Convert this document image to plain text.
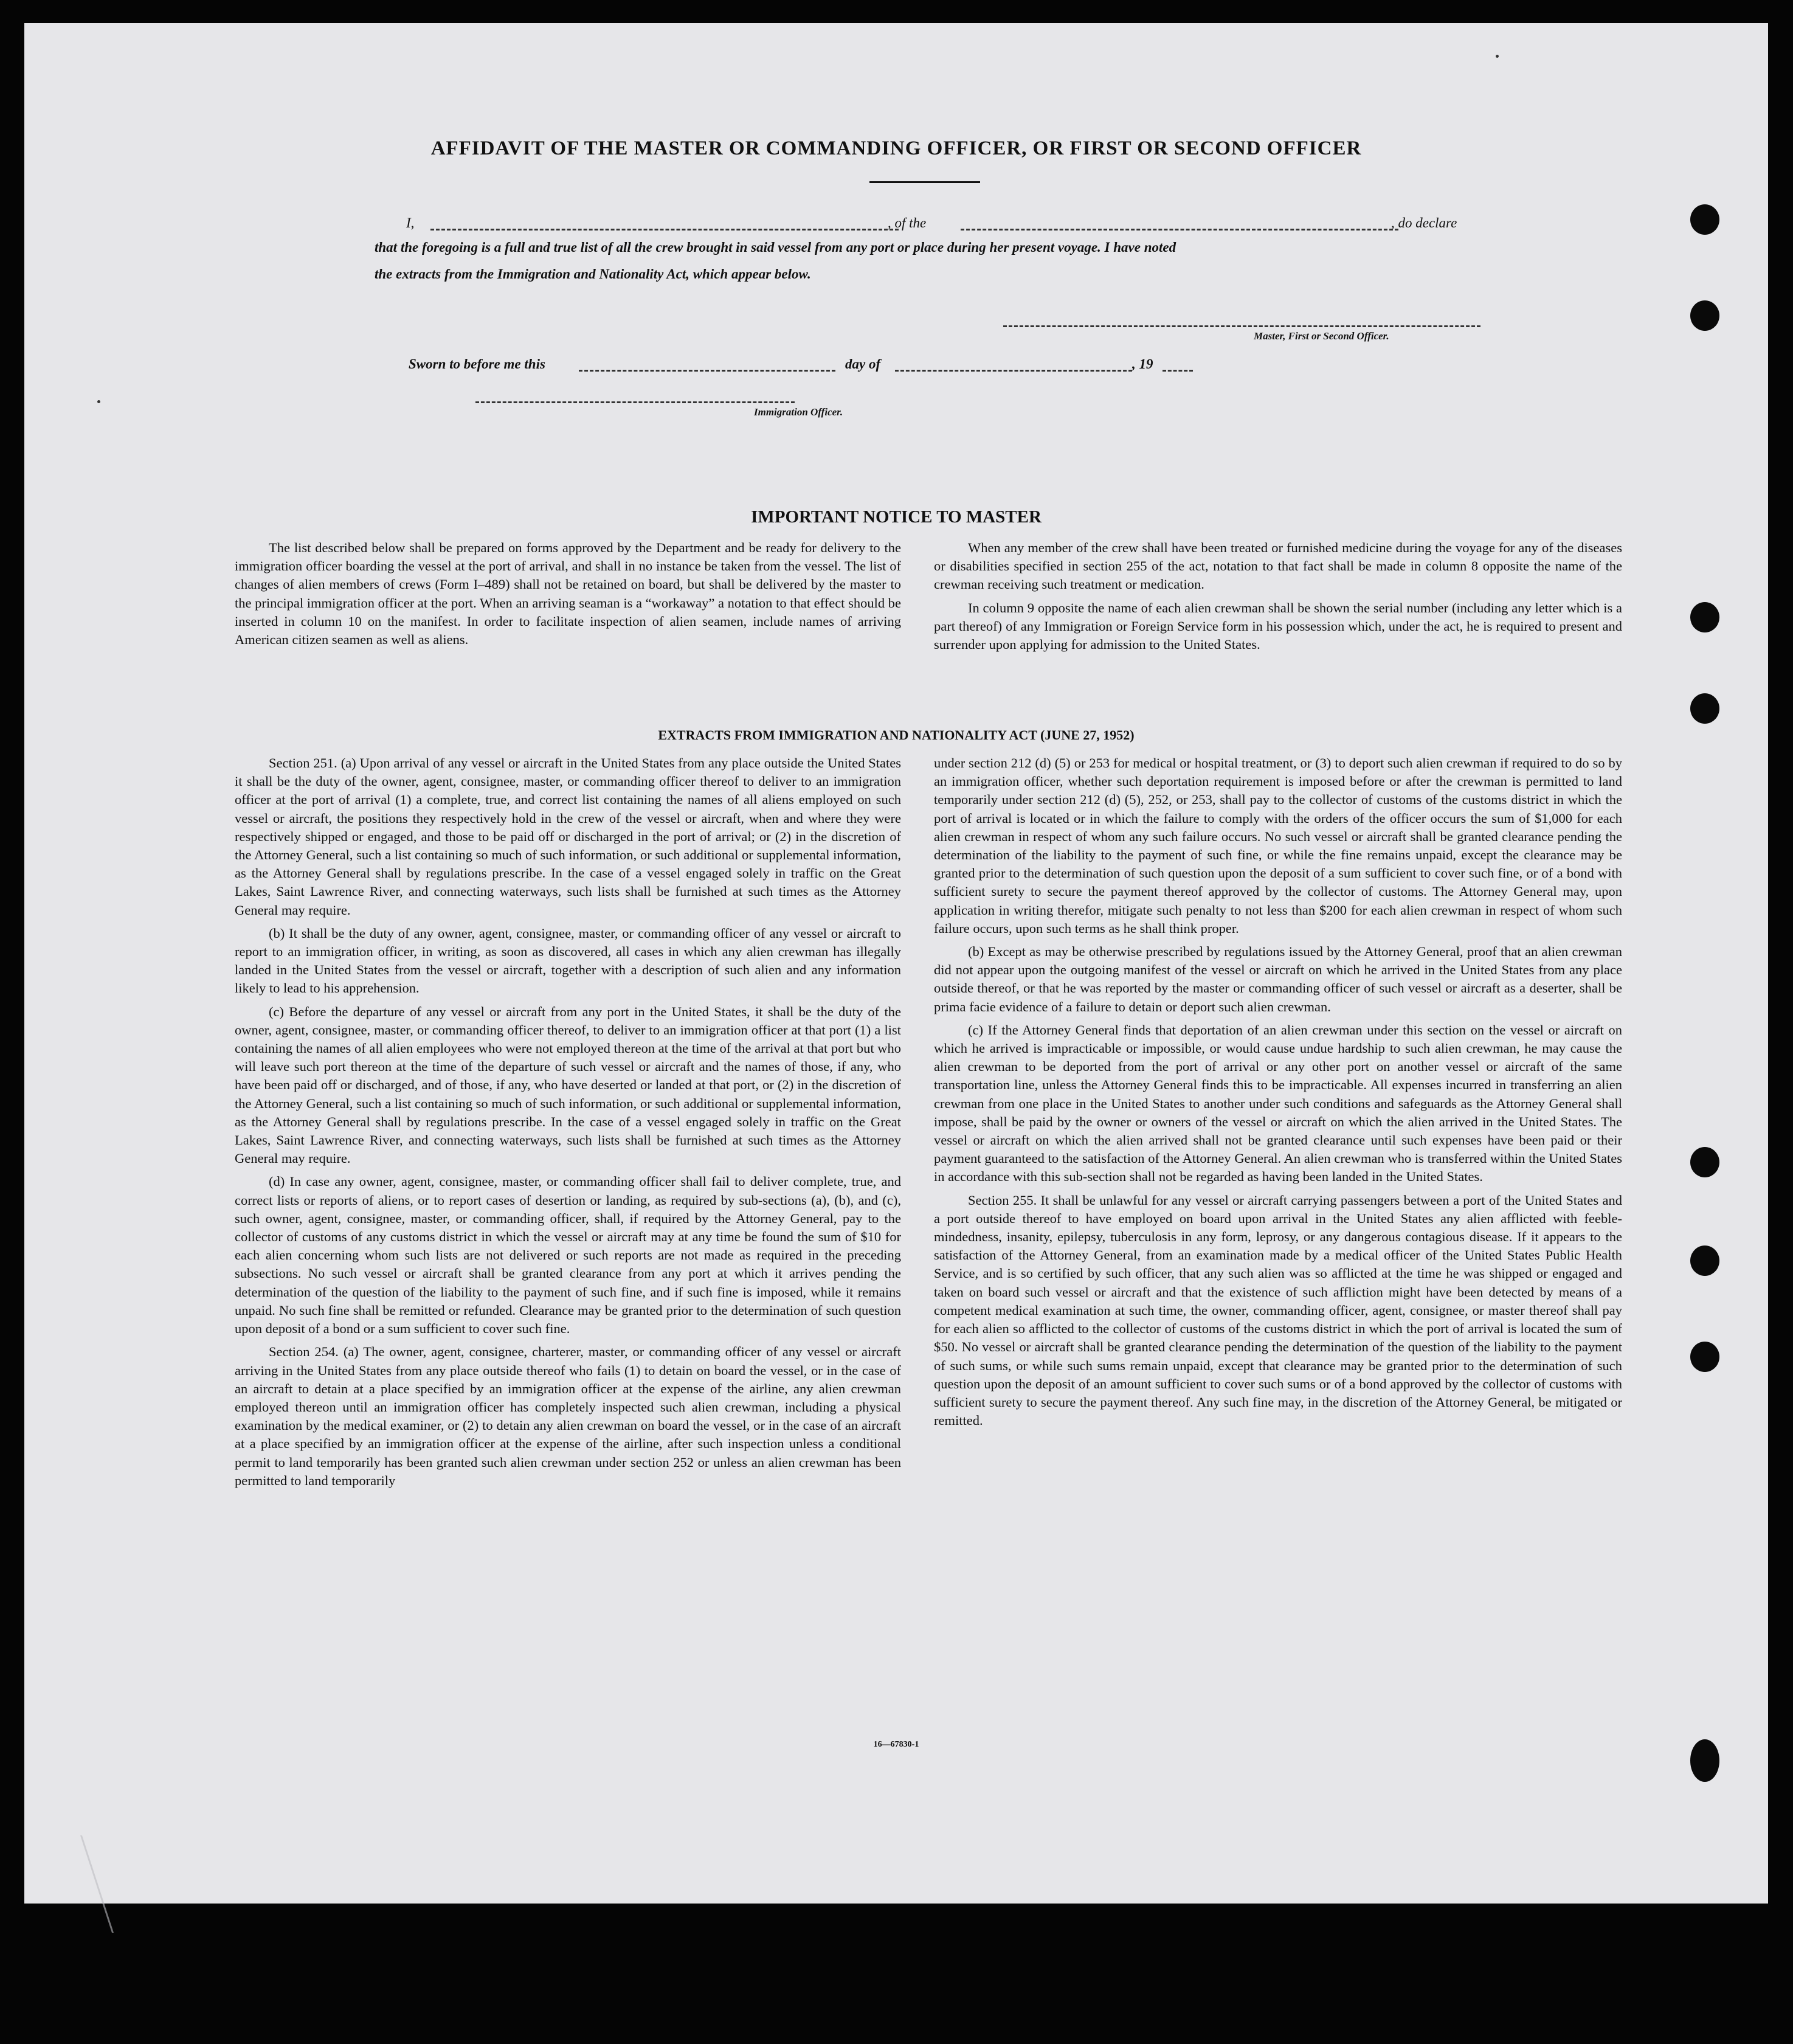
AFFIDAVIT OF THE MASTER OR COMMANDING OFFICER, OR FIRST OR SECOND OFFICER
I,	, of the	, do declare
that the foregoing is a full and true list of all the crew brought in said vessel from any port or place during her present voyage. I have noted
the extracts from the Immigration and Nationality Act, which appear below.
Master, First or Second Officer.
Sworn to before me this	day of	, 19
Immigration Officer.
IMPORTANT NOTICE TO MASTER

The list described below shall be prepared on forms approved by the Department and be ready for delivery to the immigration officer boarding the vessel at the port of arrival, and shall in no instance be taken from the vessel. The list of changes of alien members of crews (Form I–489) shall not be retained on board, but shall be delivered by the master to the principal immigration officer at the port. When an arriving seaman is a “workaway” a notation to that effect should be inserted in column 10 on the manifest. In order to facilitate inspection of alien seamen, include names of arriving American citizen seamen as well as aliens.

When any member of the crew shall have been treated or furnished medicine during the voyage for any of the diseases or disabilities specified in section 255 of the act, notation to that fact shall be made in column 8 opposite the name of the crewman receiving such treatment or medication.

In column 9 opposite the name of each alien crewman shall be shown the serial number (including any letter which is a part thereof) of any Immigration or Foreign Service form in his possession which, under the act, he is required to present and surrender upon applying for admission to the United States.

EXTRACTS FROM IMMIGRATION AND NATIONALITY ACT (JUNE 27, 1952)

Section 251. (a) Upon arrival of any vessel or aircraft in the United States from any place outside the United States it shall be the duty of the owner, agent, consignee, master, or commanding officer thereof to deliver to an immigration officer at the port of arrival (1) a complete, true, and correct list containing the names of all aliens employed on such vessel or aircraft, the positions they respectively hold in the crew of the vessel or aircraft, when and where they were respectively shipped or engaged, and those to be paid off or discharged in the port of arrival; or (2) in the discretion of the Attorney General, such a list containing so much of such information, or such additional or supplemental information, as the Attorney General shall by regulations prescribe. In the case of a vessel engaged solely in traffic on the Great Lakes, Saint Lawrence River, and connecting waterways, such lists shall be furnished at such times as the Attorney General may require.

(b) It shall be the duty of any owner, agent, consignee, master, or commanding officer of any vessel or aircraft to report to an immigration officer, in writing, as soon as discovered, all cases in which any alien crewman has illegally landed in the United States from the vessel or aircraft, together with a description of such alien and any information likely to lead to his apprehension.

(c) Before the departure of any vessel or aircraft from any port in the United States, it shall be the duty of the owner, agent, consignee, master, or commanding officer thereof, to deliver to an immigration officer at that port (1) a list containing the names of all alien employees who were not employed thereon at the time of the arrival at that port but who will leave such port thereon at the time of the departure of such vessel or aircraft and the names of those, if any, who have been paid off or discharged, and of those, if any, who have deserted or landed at that port, or (2) in the discretion of the Attorney General, such a list containing so much of such information, or such additional or supplemental information, as the Attorney General shall by regulations prescribe. In the case of a vessel engaged solely in traffic on the Great Lakes, Saint Lawrence River, and connecting waterways, such lists shall be furnished at such times as the Attorney General may require.

(d) In case any owner, agent, consignee, master, or commanding officer shall fail to deliver complete, true, and correct lists or reports of aliens, or to report cases of desertion or landing, as required by sub-sections (a), (b), and (c), such owner, agent, consignee, master, or commanding officer, shall, if required by the Attorney General, pay to the collector of customs of any customs district in which the vessel or aircraft may at any time be found the sum of $10 for each alien concerning whom such lists are not delivered or such reports are not made as required in the preceding subsections. No such vessel or aircraft shall be granted clearance from any port at which it arrives pending the determination of the question of the liability to the payment of such fine, and if such fine is imposed, while it remains unpaid. No such fine shall be remitted or refunded. Clearance may be granted prior to the determination of such question upon deposit of a bond or a sum sufficient to cover such fine.

Section 254. (a) The owner, agent, consignee, charterer, master, or commanding officer of any vessel or aircraft arriving in the United States from any place outside thereof who fails (1) to detain on board the vessel, or in the case of an aircraft to detain at a place specified by an immigration officer at the expense of the airline, any alien crewman employed thereon until an immigration officer has completely inspected such alien crewman, including a physical examination by the medical examiner, or (2) to detain any alien crewman on board the vessel, or in the case of an aircraft at a place specified by an immigration officer at the expense of the airline, after such inspection unless a conditional permit to land temporarily has been granted such alien crewman under section 252 or unless an alien crewman has been permitted to land temporarily

under section 212 (d) (5) or 253 for medical or hospital treatment, or (3) to deport such alien crewman if required to do so by an immigration officer, whether such deportation requirement is imposed before or after the crewman is permitted to land temporarily under section 212 (d) (5), 252, or 253, shall pay to the collector of customs of the customs district in which the port of arrival is located or in which the failure to comply with the orders of the officer occurs the sum of $1,000 for each alien crewman in respect of whom any such failure occurs. No such vessel or aircraft shall be granted clearance pending the determination of the liability to the payment of such fine, or while the fine remains unpaid, except the clearance may be granted prior to the determination of such question upon the deposit of a sum sufficient to cover such fine, or of a bond with sufficient surety to secure the payment thereof approved by the collector of customs. The Attorney General may, upon application in writing therefor, mitigate such penalty to not less than $200 for each alien crewman in respect of whom such failure occurs, upon such terms as he shall think proper.

(b) Except as may be otherwise prescribed by regulations issued by the Attorney General, proof that an alien crewman did not appear upon the outgoing manifest of the vessel or aircraft on which he arrived in the United States from any place outside thereof, or that he was reported by the master or commanding officer of such vessel or aircraft as a deserter, shall be prima facie evidence of a failure to detain or deport such alien crewman.

(c) If the Attorney General finds that deportation of an alien crewman under this section on the vessel or aircraft on which he arrived is impracticable or impossible, or would cause undue hardship to such alien crewman, he may cause the alien crewman to be deported from the port of arrival or any other port on another vessel or aircraft of the same transportation line, unless the Attorney General finds this to be impracticable. All expenses incurred in transferring an alien crewman from one place in the United States to another under such conditions and safeguards as the Attorney General shall impose, shall be paid by the owner or owners of the vessel or aircraft on which the alien arrived in the United States. The vessel or aircraft on which the alien arrived shall not be granted clearance until such expenses have been paid or their payment guaranteed to the satisfaction of the Attorney General. An alien crewman who is transferred within the United States in accordance with this sub-section shall not be regarded as having been landed in the United States.

Section 255. It shall be unlawful for any vessel or aircraft carrying passengers between a port of the United States and a port outside thereof to have employed on board upon arrival in the United States any alien afflicted with feeble-mindedness, insanity, epilepsy, tuberculosis in any form, leprosy, or any dangerous contagious disease. If it appears to the satisfaction of the Attorney General, from an examination made by a medical officer of the United States Public Health Service, and is so certified by such officer, that any such alien was so afflicted at the time he was shipped or engaged and taken on board such vessel or aircraft and that the existence of such affliction might have been detected by means of a competent medical examination at such time, the owner, commanding officer, agent, consignee, or master thereof shall pay for each alien so afflicted to the collector of customs of the customs district in which the port of arrival is located the sum of $50. No vessel or aircraft shall be granted clearance pending the determination of the question of the liability to the payment of such sums, or while such sums remain unpaid, except that clearance may be granted prior to the determination of such question upon the deposit of an amount sufficient to cover such sums or of a bond approved by the collector of customs with sufficient surety to secure the payment thereof. Any such fine may, in the discretion of the Attorney General, be mitigated or remitted.

16—67830-1
